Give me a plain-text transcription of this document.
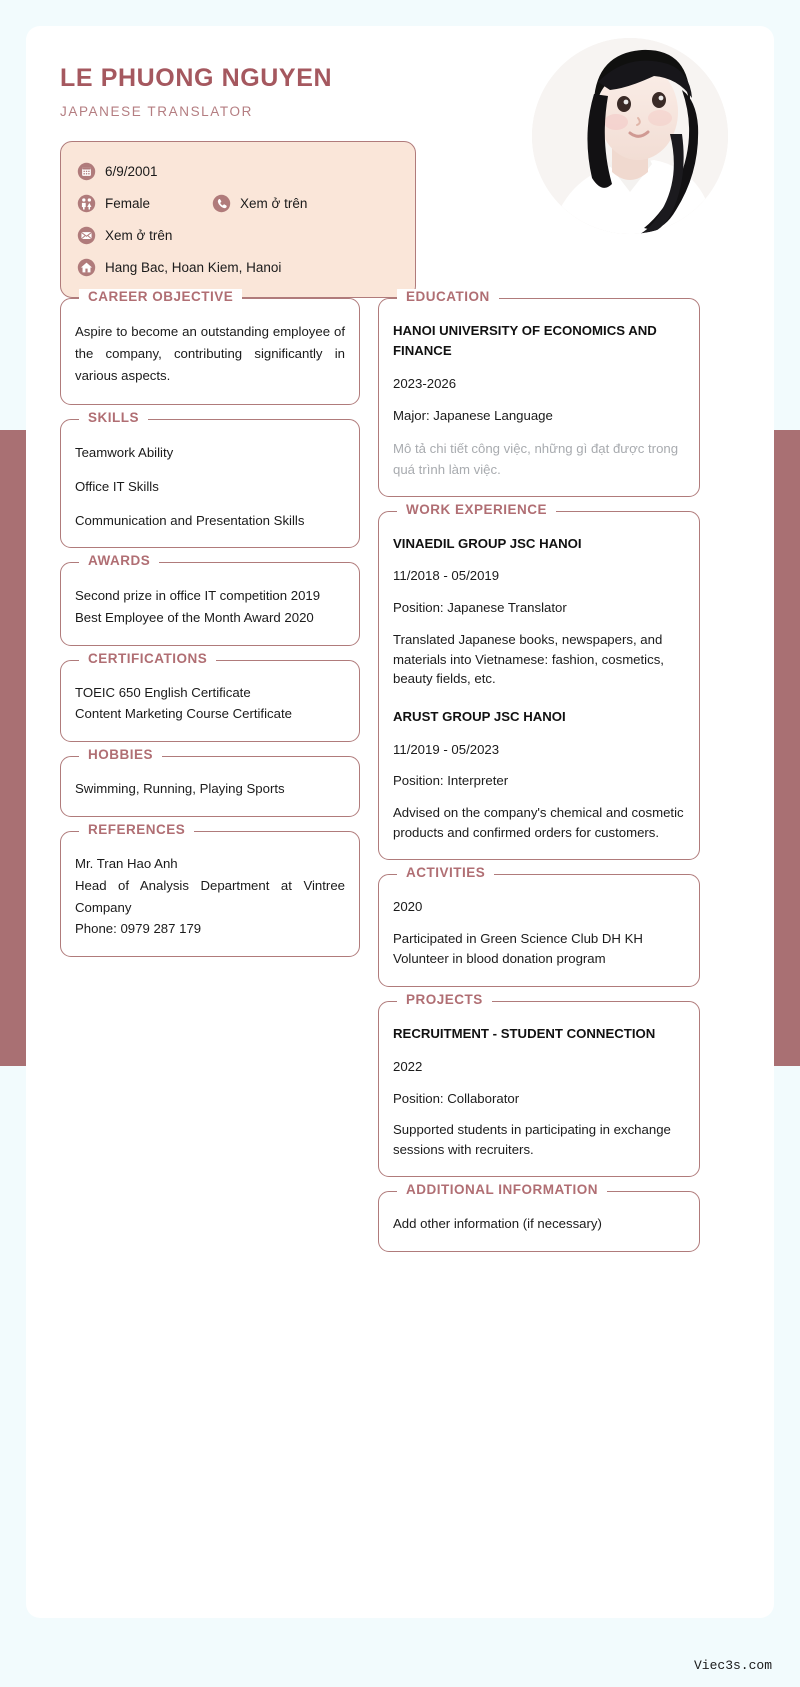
LE PHUONG NGUYEN
JAPANESE TRANSLATOR
6/9/2001
Female	Xem ở trên
Xem ở trên
Hang Bac, Hoan Kiem, Hanoi
CAREER OBJECTIVE
Aspire to become an outstanding employee of the company, contributing significantly in various aspects.
SKILLS
Teamwork Ability
Office IT Skills
Communication and Presentation Skills
AWARDS
Second prize in office IT competition 2019
Best Employee of the Month Award 2020
CERTIFICATIONS
TOEIC 650 English Certificate
Content Marketing Course Certificate
HOBBIES
Swimming, Running, Playing Sports
REFERENCES
Mr. Tran Hao Anh
Head of Analysis Department at Vintree Company
Phone: 0979 287 179
EDUCATION
HANOI UNIVERSITY OF ECONOMICS AND FINANCE
2023-2026
Major: Japanese Language
Mô tả chi tiết công việc, những gì đạt được trong quá trình làm việc.
WORK EXPERIENCE
VINAEDIL GROUP JSC HANOI
11/2018 - 05/2019
Position: Japanese Translator
Translated Japanese books, newspapers, and materials into Vietnamese: fashion, cosmetics, beauty fields, etc.
ARUST GROUP JSC HANOI
11/2019 - 05/2023
Position: Interpreter
Advised on the company's chemical and cosmetic products and confirmed orders for customers.
ACTIVITIES
2020
Participated in Green Science Club DH KH
Volunteer in blood donation program
PROJECTS
RECRUITMENT - STUDENT CONNECTION
2022
Position: Collaborator
Supported students in participating in exchange sessions with recruiters.
ADDITIONAL INFORMATION
Add other information (if necessary)
Viec3s.com
